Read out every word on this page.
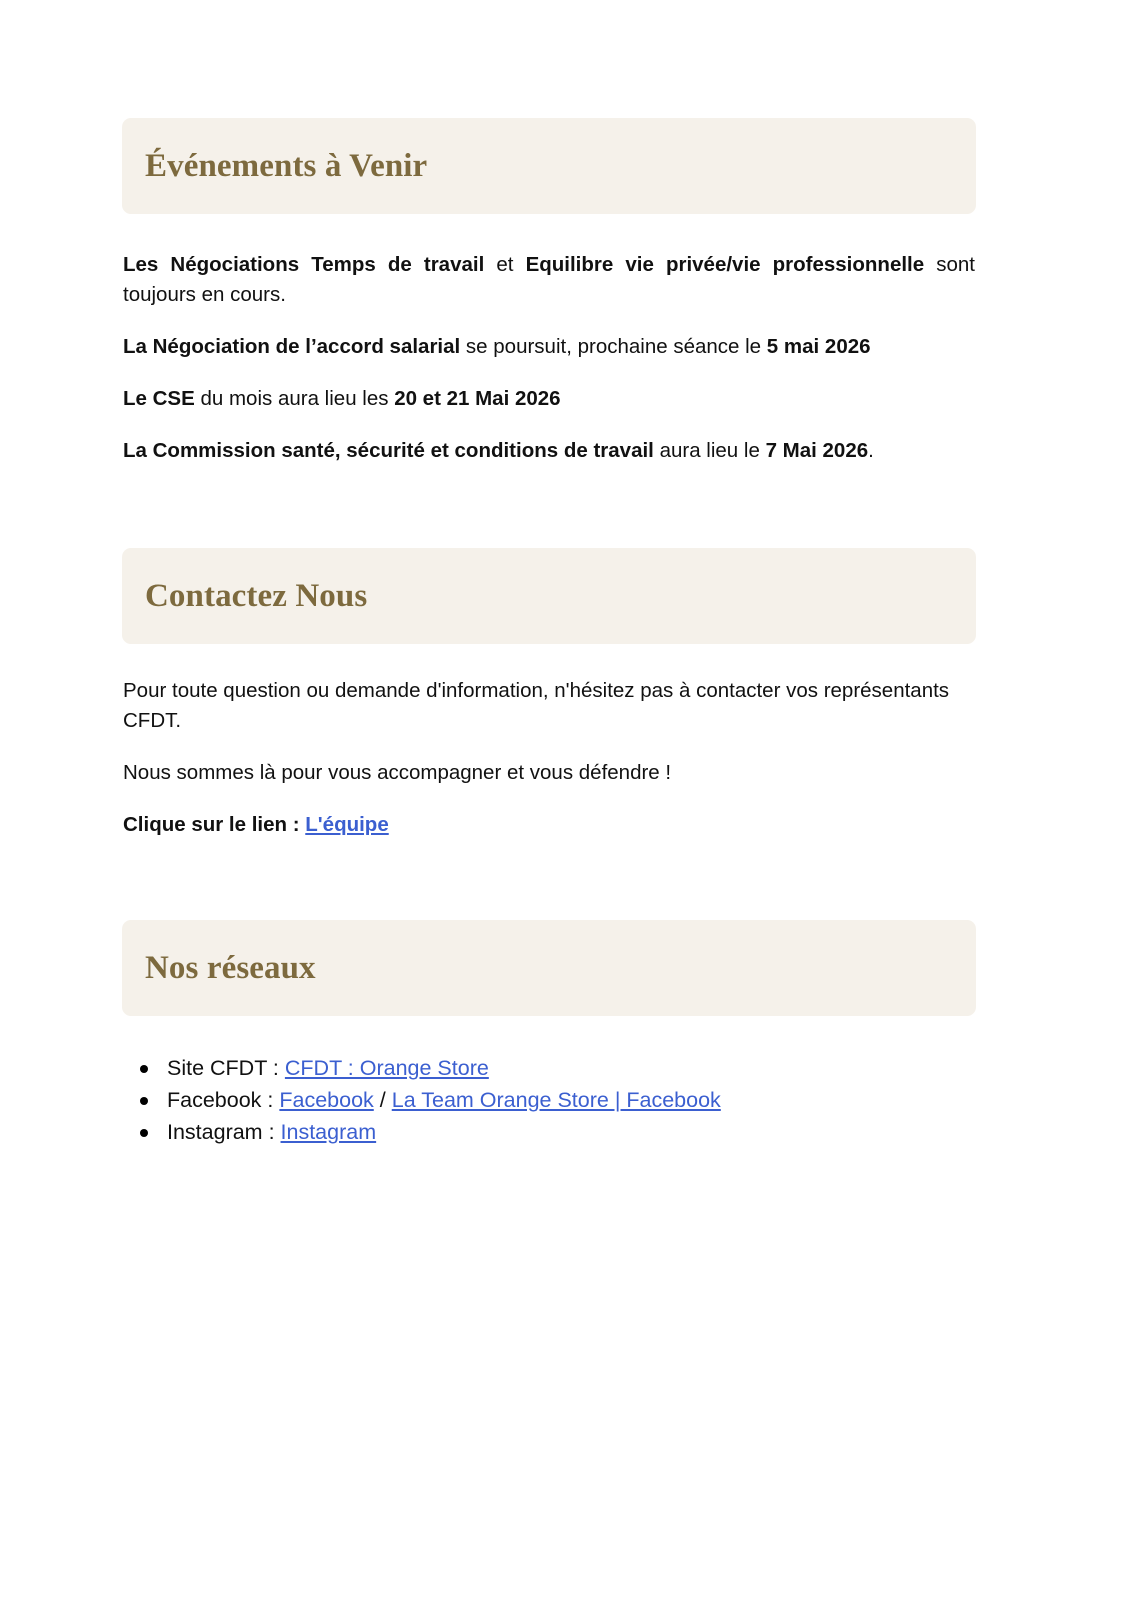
Événements à Venir

Les Négociations Temps de travail et Equilibre vie privée/vie professionnelle sont toujours en cours.

La Négociation de l’accord salarial se poursuit, prochaine séance le 5 mai 2026

Le CSE du mois aura lieu les 20 et 21 Mai 2026

La Commission santé, sécurité et conditions de travail aura lieu le 7 Mai 2026.

Contactez Nous

Pour toute question ou demande d'information, n'hésitez pas à contacter vos représentants CFDT.

Nous sommes là pour vous accompagner et vous défendre !

Clique sur le lien : L'équipe

Nos réseaux
Site CFDT : CFDT : Orange Store
Facebook : Facebook / La Team Orange Store | Facebook
Instagram : Instagram
